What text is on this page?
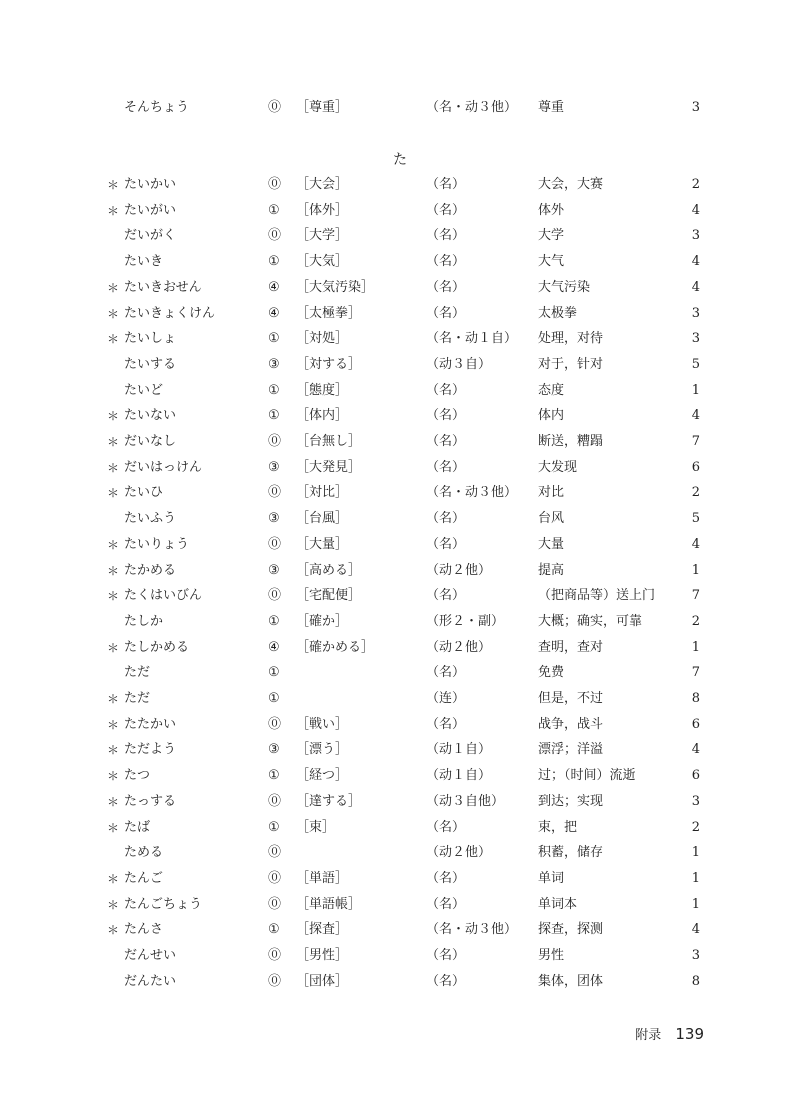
そんちょう	⓪ ［尊重］	（名・动３他） 尊重	3
た
＊ たいかい	⓪ ［大会］	（名）	大会，大赛	2
＊ たいがい	① ［体外］	（名）	体外	4
だいがく	⓪ ［大学］	（名）	大学	3
たいき	① ［大気］	（名）	大气	4
＊ たいきおせん	④ ［大気汚染］	（名）	大气污染	4
＊ たいきょくけん	④ ［太極拳］	（名）	太极拳	3
＊ たいしょ	① ［対処］	（名・动１自） 处理，对待	3
たいする	③ ［対する］	（动３自）	对于，针对	5
たいど	① ［態度］	（名）	态度	1
＊ たいない	① ［体内］	（名）	体内	4
＊ だいなし	⓪ ［台無し］	（名）	断送，糟蹋	7
＊ だいはっけん	③ ［大発見］	（名）	大发现	6
＊ たいひ	⓪ ［対比］	（名・动３他） 对比	2
たいふう	③ ［台風］	（名）	台风	5
＊ たいりょう	⓪ ［大量］	（名）	大量	4
＊ たかめる	③ ［高める］	（动２他）	提高	1
＊ たくはいびん	⓪ ［宅配便］	（名）	（把商品等）送上门	7
たしか	① ［確か］	（形２・副）	大概；确实，可靠	2
＊ たしかめる	④ ［確かめる］	（动２他）	查明，查对	1
ただ	①	（名）	免费	7
＊ ただ	①	（连）	但是，不过	8
＊ たたかい	⓪ ［戦い］	（名）	战争，战斗	6
＊ ただよう	③ ［漂う］	（动１自）	漂浮；洋溢	4
＊ たつ	① ［経つ］	（动１自）	过；（时间）流逝	6
＊ たっする	⓪ ［達する］	（动３自他）	到达；实现	3
＊ たば	① ［束］	（名）	束，把	2
ためる	⓪	（动２他）	积蓄，储存	1
＊ たんご	⓪ ［単語］	（名）	单词	1
＊ たんごちょう	⓪ ［単語帳］	（名）	单词本	1
＊ たんさ	① ［探査］	（名・动３他） 探查，探测	4
だんせい	⓪ ［男性］	（名）	男性	3
だんたい	⓪ ［団体］	（名）	集体，团体	8
附录 139
